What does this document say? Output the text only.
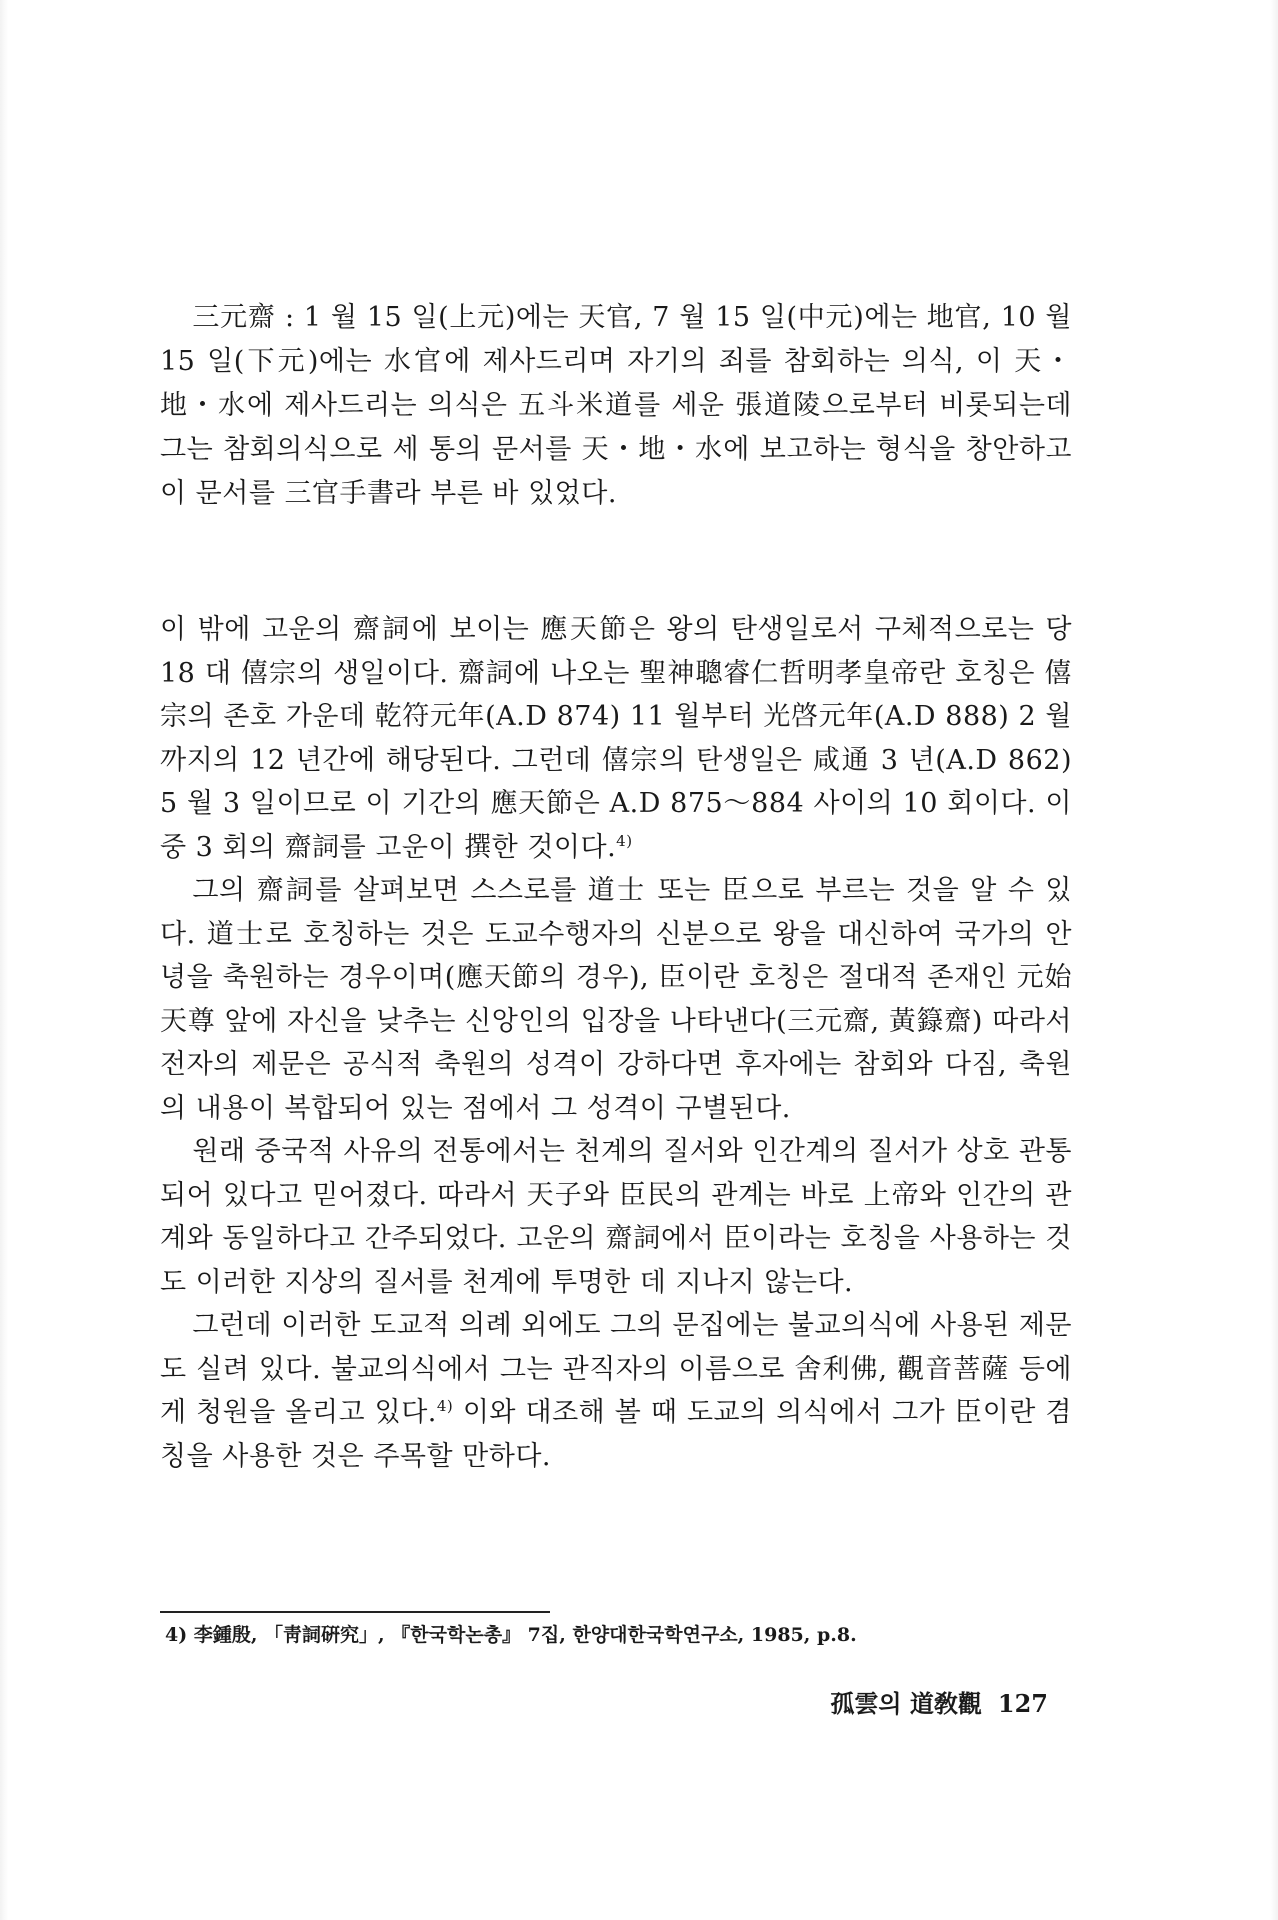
三元齋 : 1 월 15 일(上元)에는 天官, 7 월 15 일(中元)에는 地官, 10 월 15 일(下元)에는 水官에 제사드리며 자기의 죄를 참회하는 의식, 이 天・地・水에 제사드리는 의식은 五斗米道를 세운 張道陵으로부터 비롯되는데 그는 참회의식으로 세 통의 문서를 天・地・水에 보고하는 형식을 창안하고 이 문서를 三官手書라 부른 바 있었다.

이 밖에 고운의 齋詞에 보이는 應天節은 왕의 탄생일로서 구체적으로는 당 18 대 僖宗의 생일이다. 齋詞에 나오는 聖神聰睿仁哲明孝皇帝란 호칭은 僖宗의 존호 가운데 乾符元年(A.D 874) 11 월부터 光啓元年(A.D 888) 2 월까지의 12 년간에 해당된다. 그런데 僖宗의 탄생일은 咸通 3 년(A.D 862) 5 월 3 일이므로 이 기간의 應天節은 A.D 875～884 사이의 10 회이다. 이 중 3 회의 齋詞를 고운이 撰한 것이다.$^{4)}$

그의 齋詞를 살펴보면 스스로를 道士 또는 臣으로 부르는 것을 알 수 있다. 道士로 호칭하는 것은 도교수행자의 신분으로 왕을 대신하여 국가의 안녕을 축원하는 경우이며(應天節의 경우), 臣이란 호칭은 절대적 존재인 元始天尊 앞에 자신을 낮추는 신앙인의 입장을 나타낸다(三元齋, 黃籙齋) 따라서 전자의 제문은 공식적 축원의 성격이 강하다면 후자에는 참회와 다짐, 축원의 내용이 복합되어 있는 점에서 그 성격이 구별된다.

원래 중국적 사유의 전통에서는 천계의 질서와 인간계의 질서가 상호 관통되어 있다고 믿어졌다. 따라서 天子와 臣民의 관계는 바로 上帝와 인간의 관계와 동일하다고 간주되었다. 고운의 齋詞에서 臣이라는 호칭을 사용하는 것도 이러한 지상의 질서를 천계에 투명한 데 지나지 않는다.

그런데 이러한 도교적 의례 외에도 그의 문집에는 불교의식에 사용된 제문도 실려 있다. 불교의식에서 그는 관직자의 이름으로 舍利佛, 觀音菩薩 등에게 청원을 올리고 있다.$^{4)}$ 이와 대조해 볼 때 도교의 의식에서 그가 臣이란 겸칭을 사용한 것은 주목할 만하다.

4) 李鍾殷, 「靑詞硏究」, 『한국학논총』 7집, 한양대한국학연구소, 1985, p.8.
孤雲의 道敎觀 127
